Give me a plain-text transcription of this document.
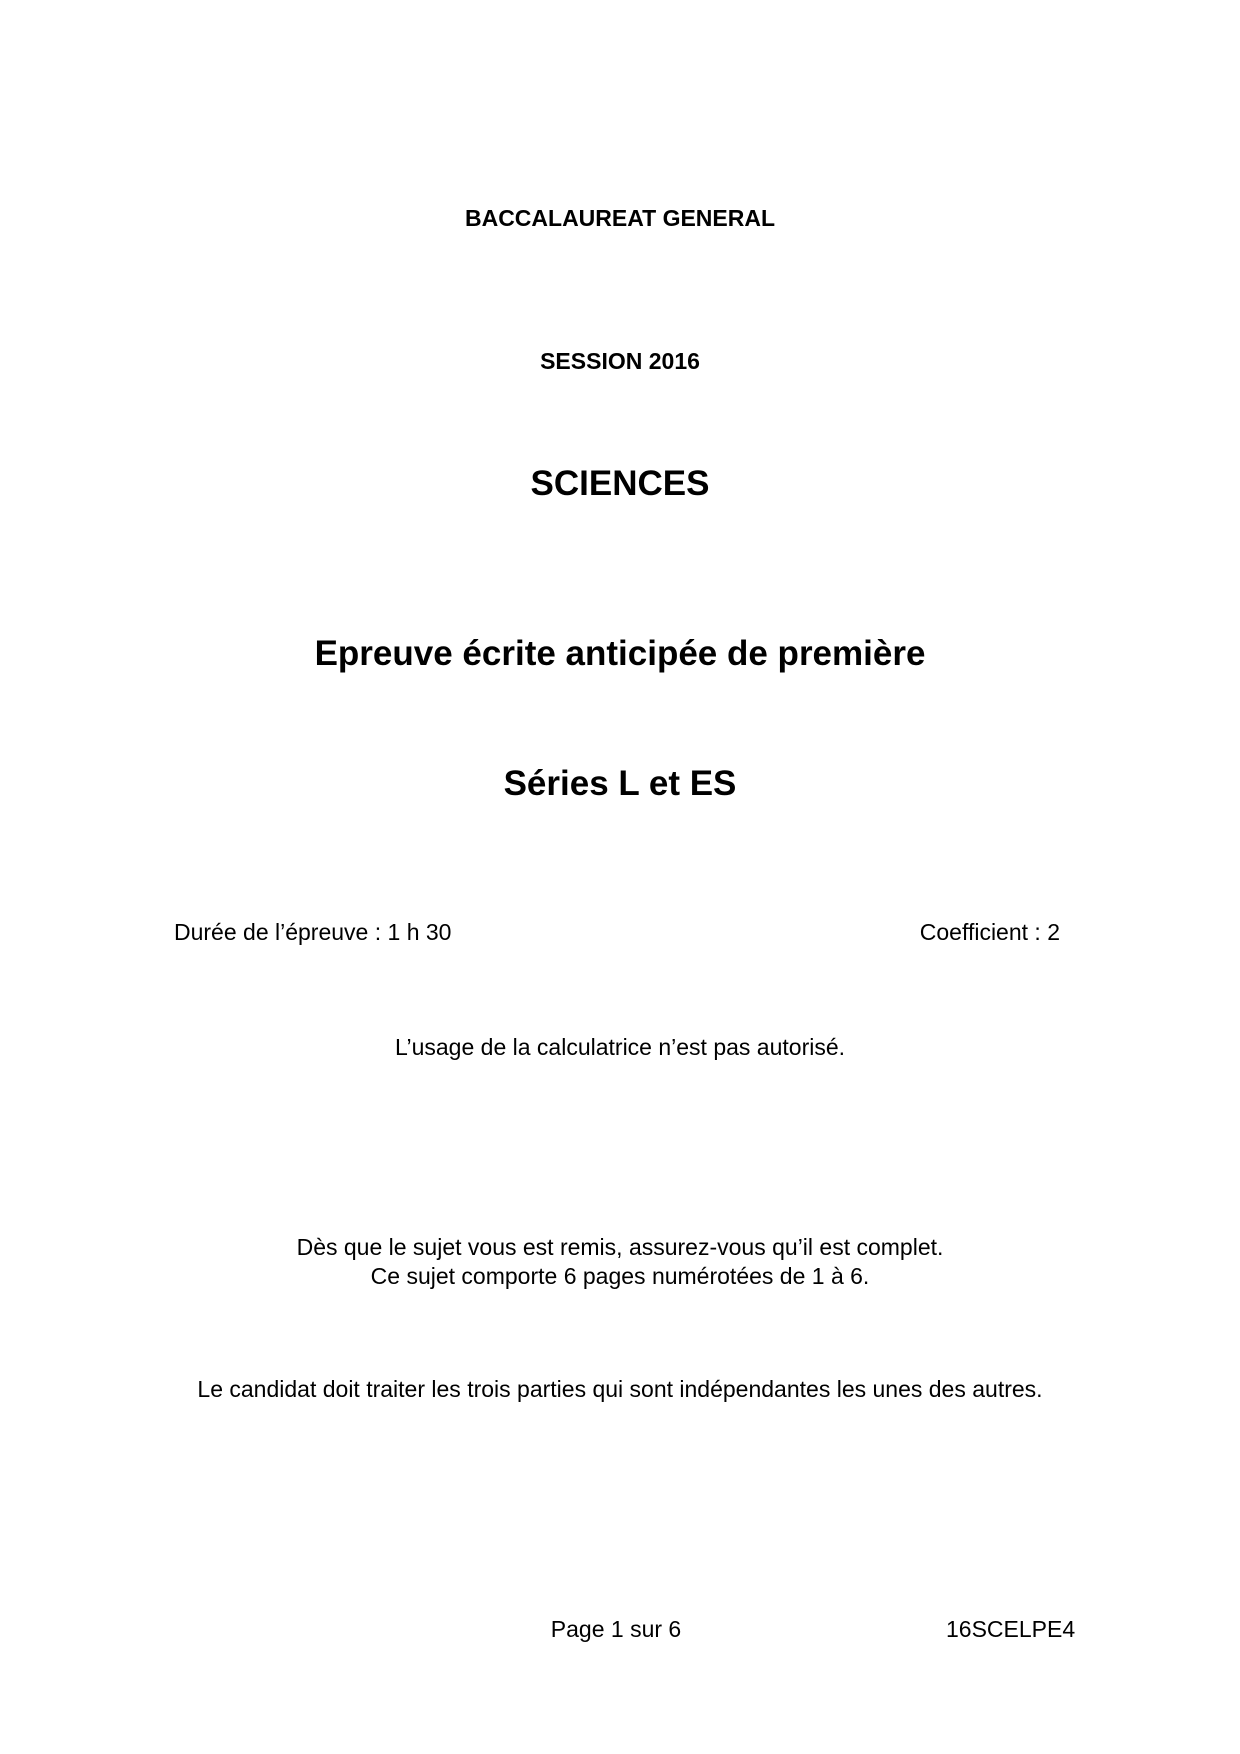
BACCALAUREAT GENERAL
SESSION 2016
SCIENCES
Epreuve écrite anticipée de première
Séries L et ES
Durée de l’épreuve : 1 h 30	Coefficient : 2
L’usage de la calculatrice n’est pas autorisé.
Dès que le sujet vous est remis, assurez-vous qu’il est complet.
Ce sujet comporte 6 pages numérotées de 1 à 6.
Le candidat doit traiter les trois parties qui sont indépendantes les unes des autres.
Page 1 sur 6	16SCELPE4
